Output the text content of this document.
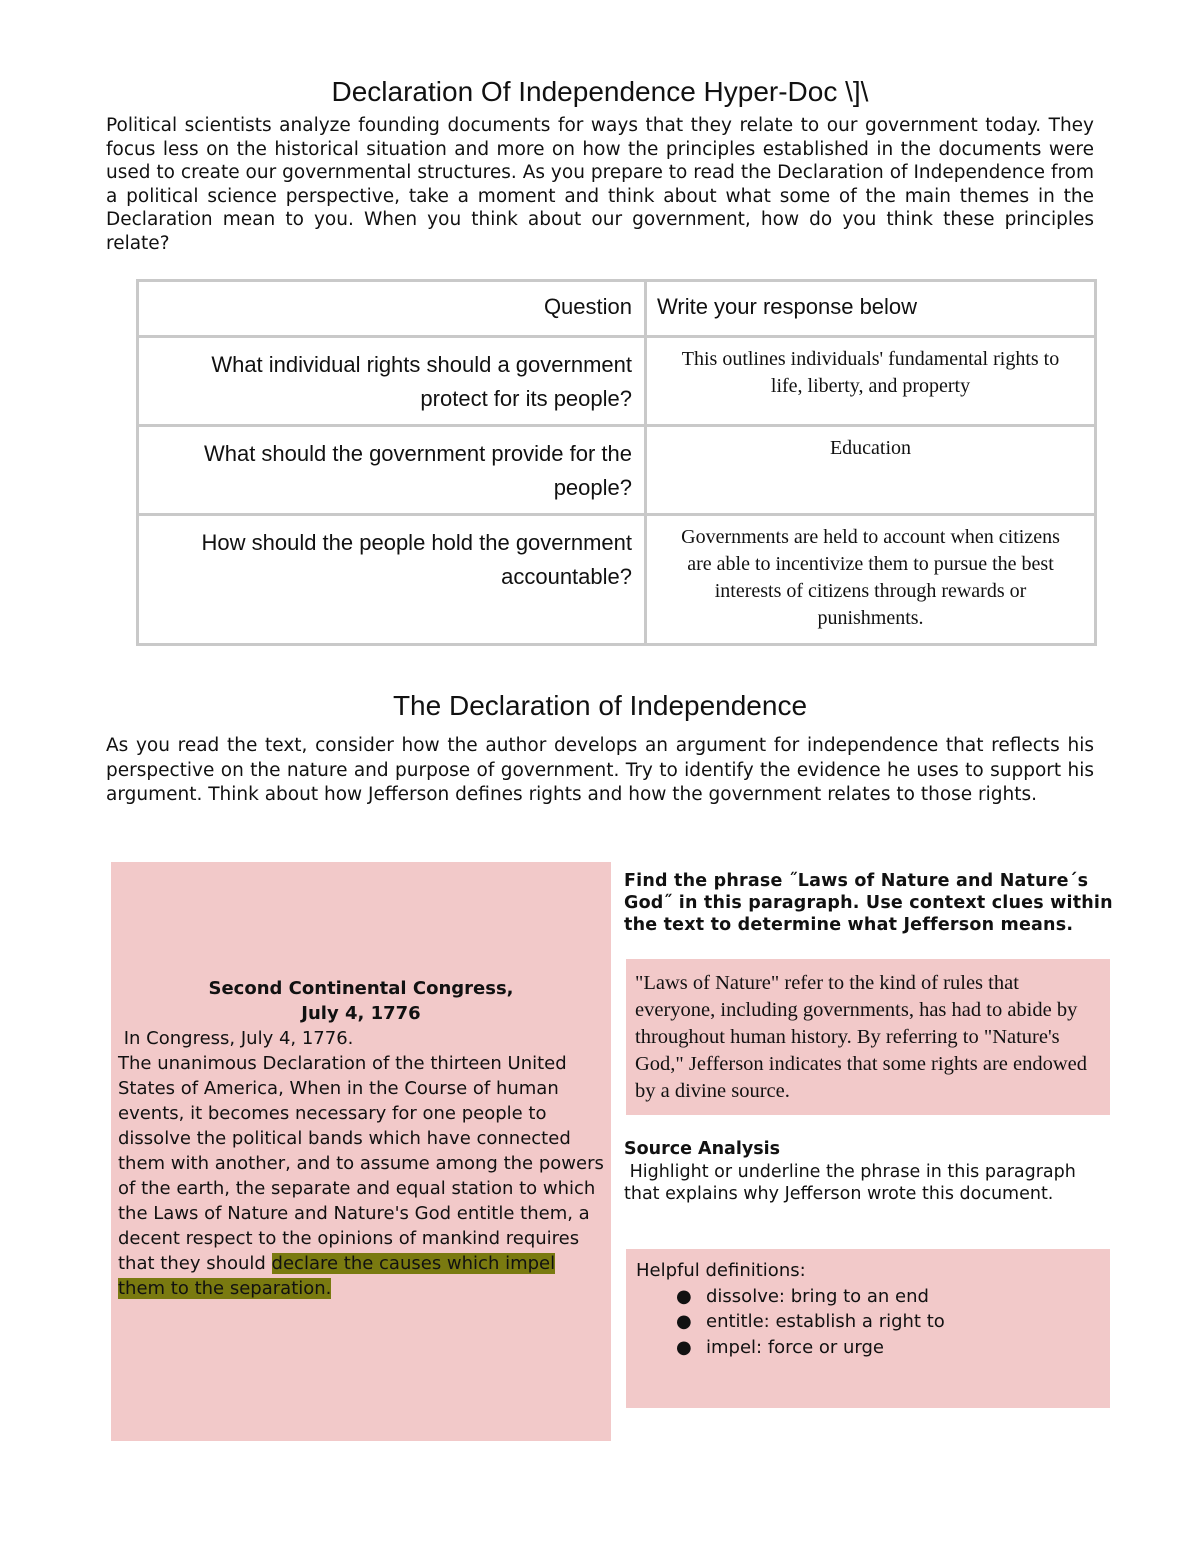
Declaration Of Independence Hyper-Doc \]\

Political scientists analyze founding documents for ways that they relate to our government today. They focus less on the historical situation and more on how the principles established in the documents were used to create our governmental structures. As you prepare to read the Declaration of Independence from a political science perspective, take a moment and think about what some of the main themes in the Declaration mean to you. When you think about our government, how do you think these principles relate?

Question	Write your response below
What individual rights should a government protect for its people?	This outlines individuals' fundamental rights to life, liberty, and property
What should the government provide for the people?	Education
How should the people hold the government accountable?	Governments are held to account when citizens are able to incentivize them to pursue the best interests of citizens through rewards or punishments.
The Declaration of Independence

As you read the text, consider how the author develops an argument for independence that reflects his perspective on the nature and purpose of government. Try to identify the evidence he uses to support his argument. Think about how Jefferson defines rights and how the government relates to those rights.

Second Continental Congress,
July 4, 1776
In Congress, July 4, 1776.
The unanimous Declaration of the thirteen United States of America, When in the Course of human events, it becomes necessary for one people to dissolve the political bands which have connected them with another, and to assume among the powers of the earth, the separate and equal station to which the Laws of Nature and Nature's God entitle them, a decent respect to the opinions of mankind requires that they should declare the causes which impel them to the separation.

Find the phrase ˝Laws of Nature and Nature´s God˝ in this paragraph. Use context clues within the text to determine what Jefferson means.

"Laws of Nature" refer to the kind of rules that everyone, including governments, has had to abide by throughout human history. By referring to "Nature's God," Jefferson indicates that some rights are endowed by a divine source.

Source Analysis

Highlight or underline the phrase in this paragraph that explains why Jefferson wrote this document.

Helpful definitions:
● dissolve: bring to an end
● entitle: establish a right to
● impel: force or urge
